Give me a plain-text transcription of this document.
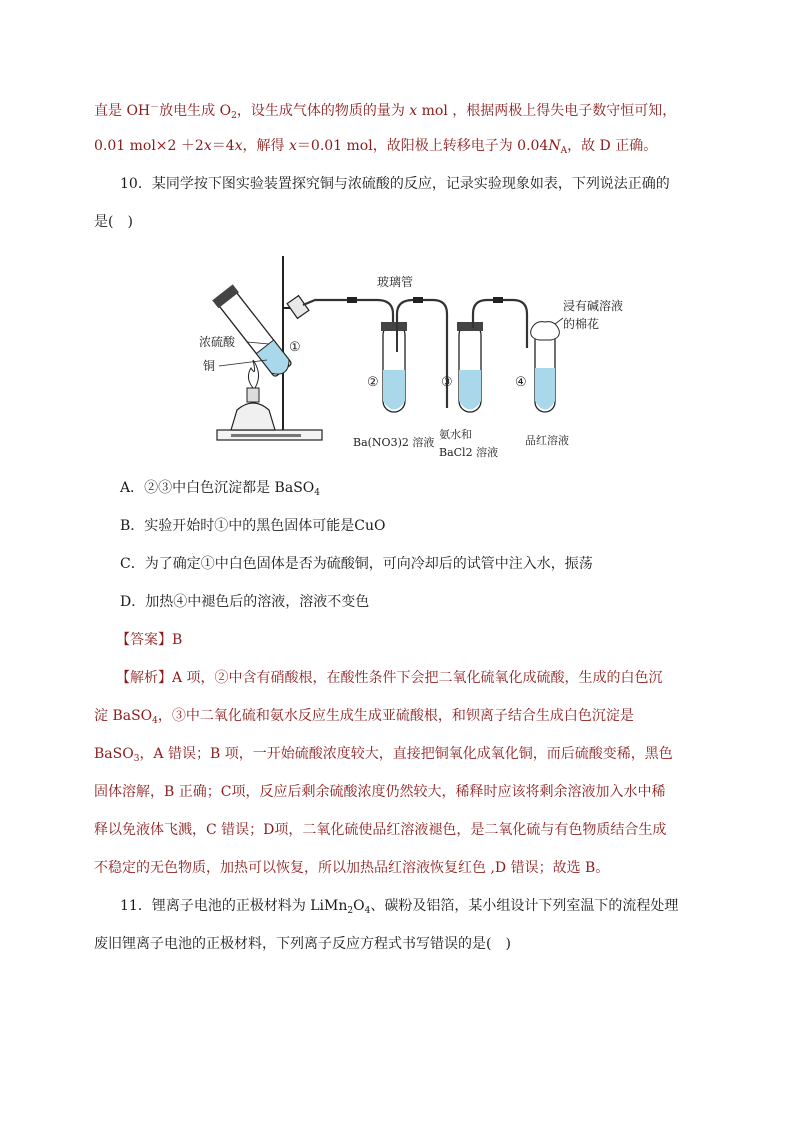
直是 OH－放电生成 $O_2$，设生成气体的物质的量为 x mol ，根据两极上得失电子数守恒可知，
0.01 mol×2 ＋2x＝4x，解得 x＝0.01 mol，故阳极上转移电子为 $0.04N_A$，故 D 正确。
10．某同学按下图实验装置探究铜与浓硫酸的反应，记录实验现象如表，下列说法正确的
是(　)
玻璃管
浸有碱溶液
的棉花
浓硫酸
铜
①
②	③	④
Ba(NO3)2 溶液
氨水和
BaCl2 溶液
品红溶液
A．②③中白色沉淀都是 BaSO$_4$
B．实验开始时①中的黑色固体可能是CuO
C．为了确定①中白色固体是否为硫酸铜，可向冷却后的试管中注入水，振荡
D．加热④中褪色后的溶液，溶液不变色
【答案】B
【解析】A 项，②中含有硝酸根，在酸性条件下会把二氧化硫氧化成硫酸，生成的白色沉
淀 BaSO$_4$，③中二氧化硫和氨水反应生成生成亚硫酸根，和钡离子结合生成白色沉淀是
BaSO$_3$，A 错误；B 项，一开始硫酸浓度较大，直接把铜氧化成氧化铜，而后硫酸变稀，黑色
固体溶解，B 正确；C项，反应后剩余硫酸浓度仍然较大，稀释时应该将剩余溶液加入水中稀
释以免液体飞溅，C 错误；D项，二氧化硫使品红溶液褪色，是二氧化硫与有色物质结合生成
不稳定的无色物质，加热可以恢复，所以加热品红溶液恢复红色 ,D 错误；故选 B。
11．锂离子电池的正极材料为 $LiMn_2O_4$、碳粉及铝箔，某小组设计下列室温下的流程处理
废旧锂离子电池的正极材料，下列离子反应方程式书写错误的是(　)
